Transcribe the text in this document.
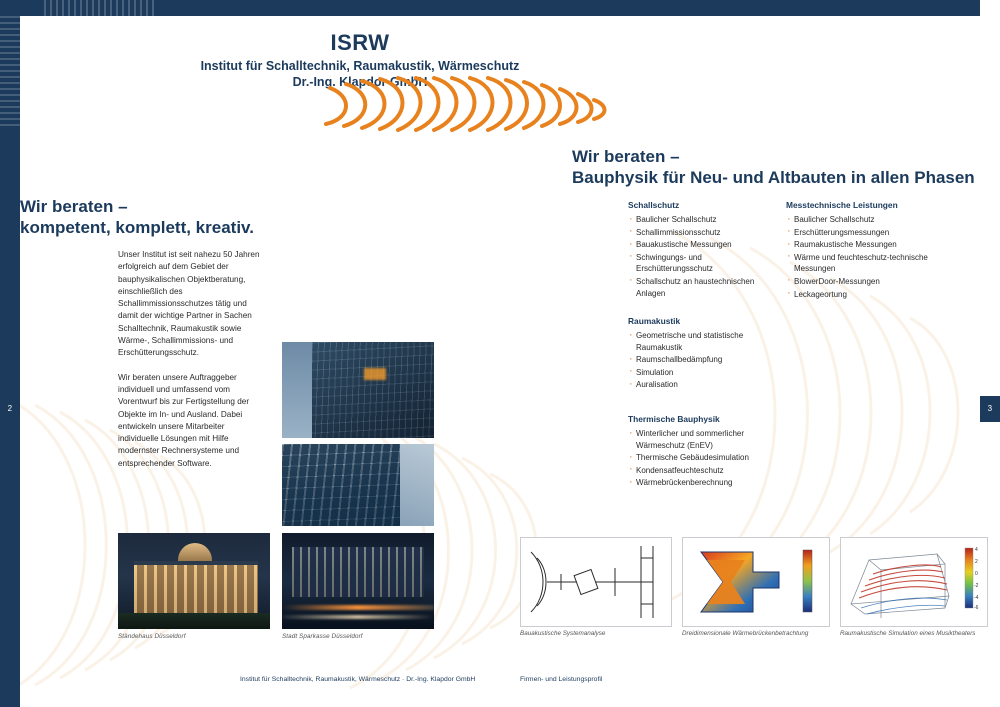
2	3
ISRW
Institut für Schalltechnik, Raumakustik, Wärmeschutz
Dr.-Ing. Klapdor GmbH
Wir beraten –
kompetent, komplett, kreativ.

Unser Institut ist seit nahezu 50 Jahren erfolgreich auf dem Gebiet der bauphysikalischen Objektberatung, einschließlich des Schallimmissionsschutzes tätig und damit der wichtige Partner in Sachen Schalltechnik, Raumakustik sowie Wärme-, Schallimmissions- und Erschütterungsschutz.

Wir beraten unsere Auftraggeber individuell und umfassend vom Vorentwurf bis zur Fertigstellung der Objekte im In- und Ausland. Dabei entwickeln unsere Mitarbeiter individuelle Lösungen mit Hilfe modernster Rechnersysteme und entsprechender Software.

Ständehaus Düsseldorf	Stadt Sparkasse Düsseldorf
Wir beraten –
Bauphysik für Neu- und Altbauten in allen Phasen
Schallschutz
· Baulicher Schallschutz
· Schallimmissionsschutz
· Bauakustische Messungen
· Schwingungs- und Erschütterungsschutz
· Schallschutz an haustechnischen Anlagen
Messtechnische Leistungen
· Baulicher Schallschutz
· Erschütterungsmessungen
· Raumakustische Messungen
· Wärme und feuchteschutz-technische Messungen
· BlowerDoor-Messungen
· Leckageortung
Raumakustik
· Geometrische und statistische Raumakustik
· Raumschallbedämpfung
· Simulation
· Auralisation
Thermische Bauphysik
· Winterlicher und sommerlicher Wärmeschutz (EnEV)
· Thermische Gebäudesimulation
· Kondensatfeuchteschutz
· Wärmebrückenberechnung
Bauakustische Systemanalyse	Dreidimensionale Wärmebrückenbetrachtung
4
2
0
-2
-4
-6
Raumakustische Simulation eines Musiktheaters
Institut für Schalltechnik, Raumakustik, Wärmeschutz · Dr.-Ing. Klapdor GmbH	Firmen- und Leistungsprofil
